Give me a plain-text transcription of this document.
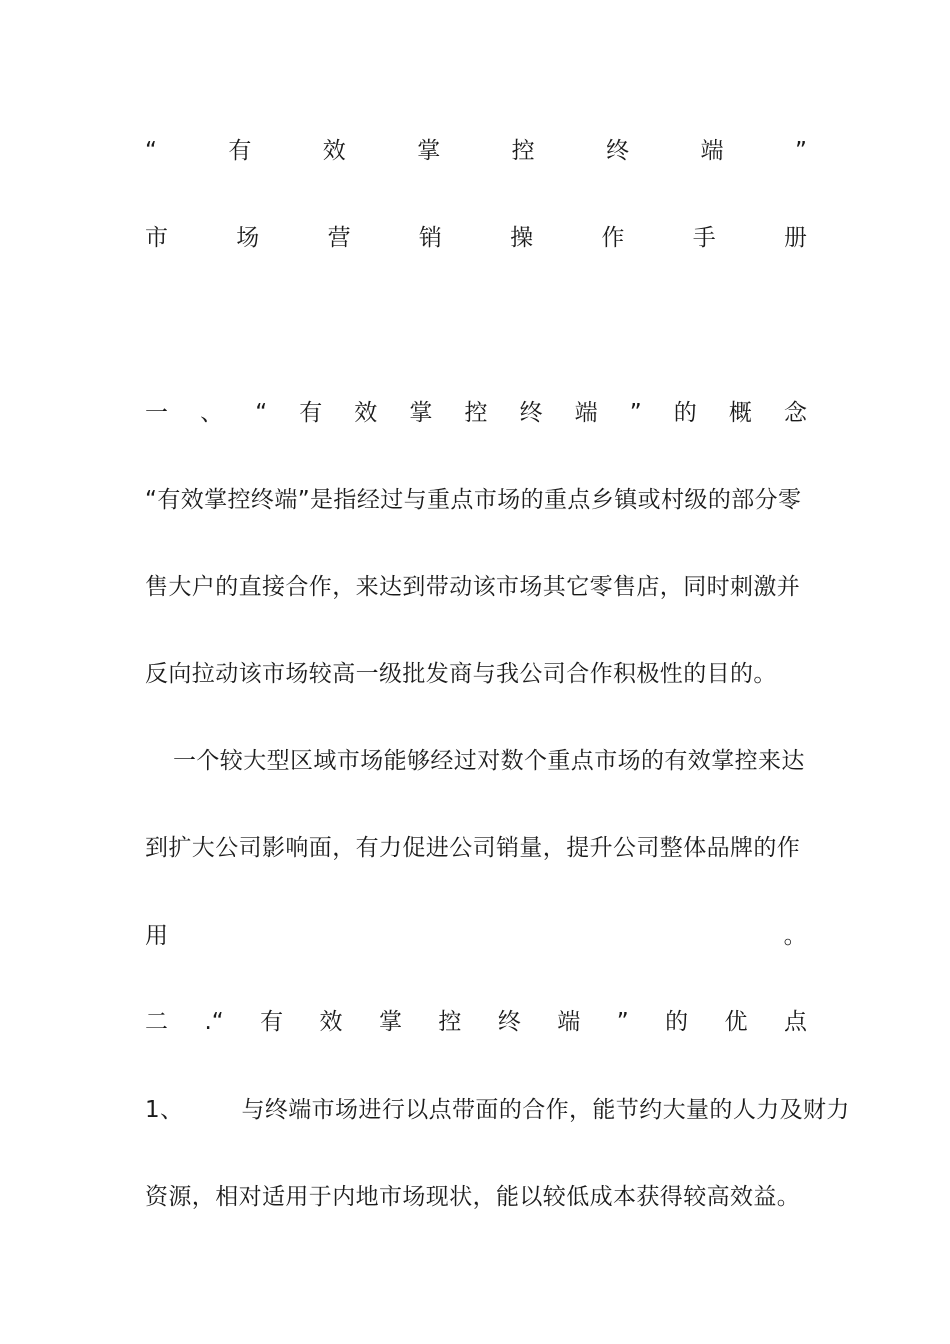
“	有	效	掌	控	终	端	”
市	场	营	销	操	作	手	册
一 、 “ 有 效 掌 控 终 端 ” 的 概 念
“有效掌控终端”是指经过与重点市场的重点乡镇或村级的部分零
售大户的直接合作，来达到带动该市场其它零售店，同时刺激并
反向拉动该市场较高一级批发商与我公司合作积极性的目的。
一个较大型区域市场能够经过对数个重点市场的有效掌控来达
到扩大公司影响面，有力促进公司销量，提升公司整体品牌的作
用	。
二 .“ 有 效 掌 控 终 端 ” 的 优 点
1、	与终端市场进行以点带面的合作，能节约大量的人力及财力
资源，相对适用于内地市场现状，能以较低成本获得较高效益。
